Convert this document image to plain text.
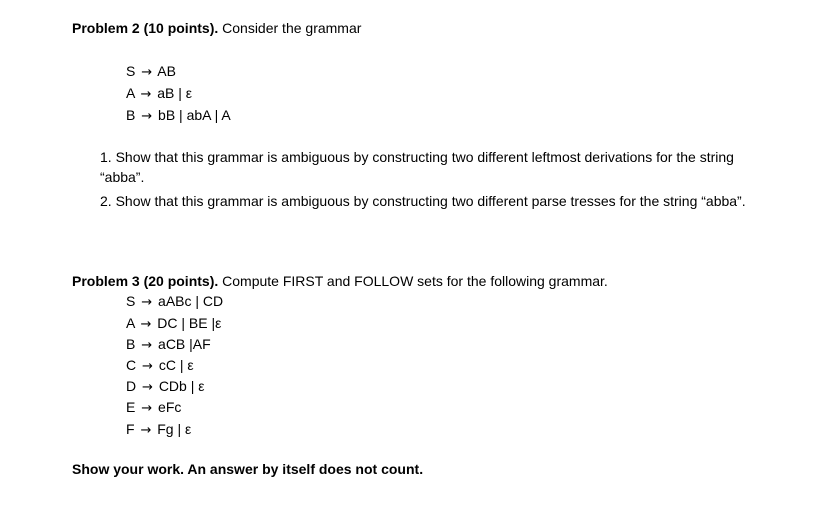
Problem 2 (10 points). Consider the grammar
S → AB
A → aB | ε
B → bB | abA | A
1. Show that this grammar is ambiguous by constructing two different leftmost derivations for the string “abba”.
2. Show that this grammar is ambiguous by constructing two different parse tresses for the string “abba”.
Problem 3 (20 points). Compute FIRST and FOLLOW sets for the following grammar.
S → aABc | CD
A → DC | BE |ε
B → aCB |AF
C → cC | ε
D → CDb | ε
E → eFc
F → Fg | ε
Show your work. An answer by itself does not count.
